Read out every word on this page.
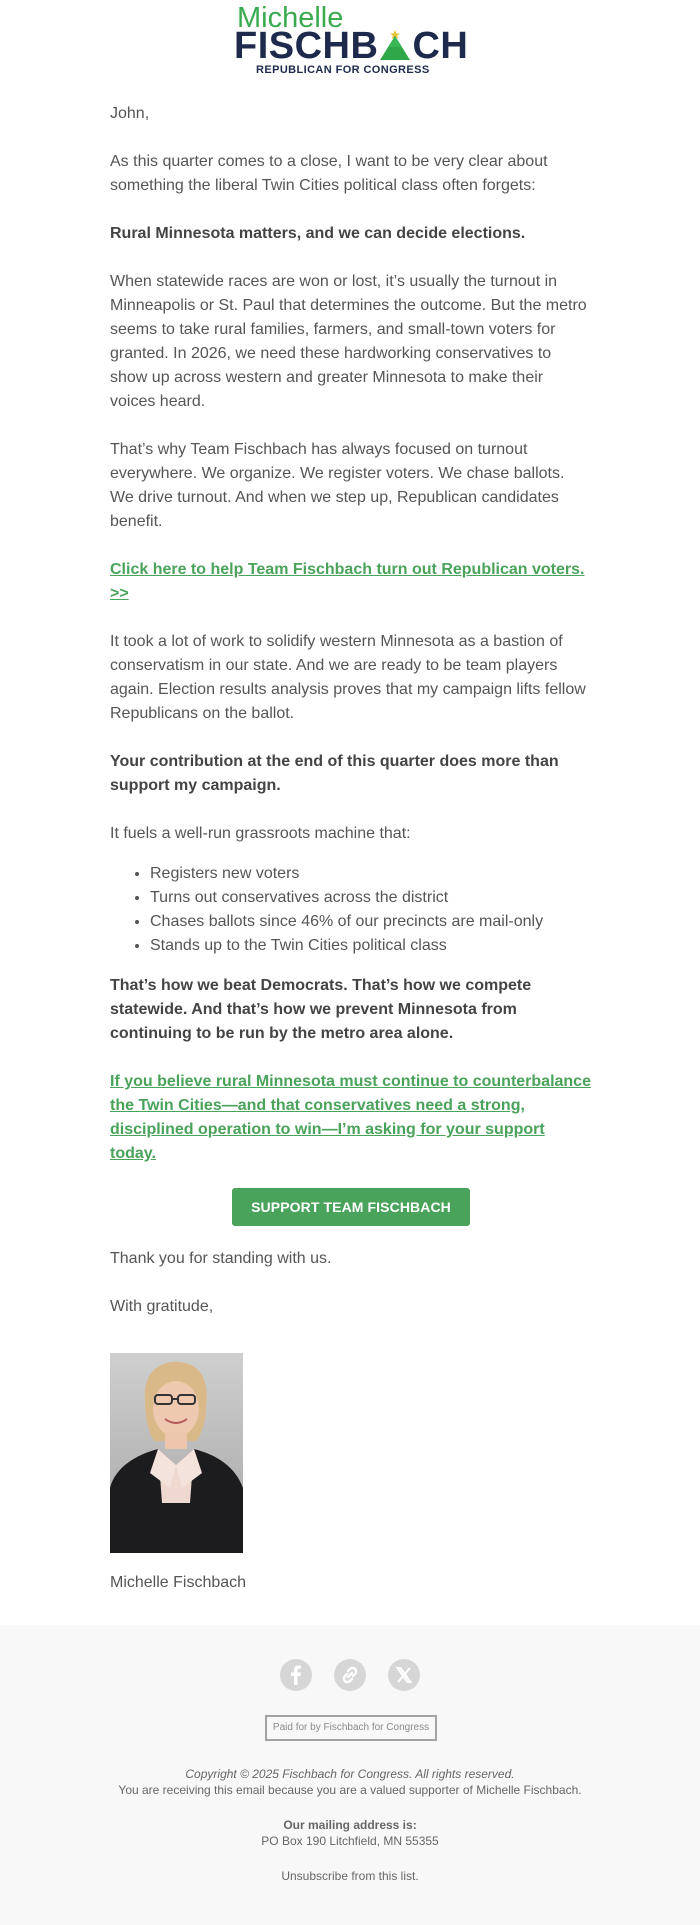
Michelle
FISCHB CH
REPUBLICAN FOR CONGRESS

John,

As this quarter comes to a close, I want to be very clear about something the liberal Twin Cities political class often forgets:

Rural Minnesota matters, and we can decide elections.

When statewide races are won or lost, it’s usually the turnout in Minneapolis or St. Paul that determines the outcome. But the metro seems to take rural families, farmers, and small-town voters for granted. In 2026, we need these hardworking conservatives to show up across western and greater Minnesota to make their voices heard.

That’s why Team Fischbach has always focused on turnout everywhere. We organize. We register voters. We chase ballots. We drive turnout. And when we step up, Republican candidates benefit.

Click here to help Team Fischbach turn out Republican voters. >>

It took a lot of work to solidify western Minnesota as a bastion of conservatism in our state. And we are ready to be team players again. Election results analysis proves that my campaign lifts fellow Republicans on the ballot.

Your contribution at the end of this quarter does more than support my campaign.

It fuels a well-run grassroots machine that:

• Registers new voters
• Turns out conservatives across the district
• Chases ballots since 46% of our precincts are mail-only
• Stands up to the Twin Cities political class

That’s how we beat Democrats. That’s how we compete statewide. And that’s how we prevent Minnesota from continuing to be run by the metro area alone.

If you believe rural Minnesota must continue to counterbalance the Twin Cities—and that conservatives need a strong, disciplined operation to win—I’m asking for your support today.

SUPPORT TEAM FISCHBACH

Thank you for standing with us.

With gratitude,

Michelle Fischbach

Paid for by Fischbach for Congress
Copyright © 2025 Fischbach for Congress. All rights reserved.
You are receiving this email because you are a valued supporter of Michelle Fischbach.
Our mailing address is:
PO Box 190 Litchfield, MN 55355
Unsubscribe from this list.
